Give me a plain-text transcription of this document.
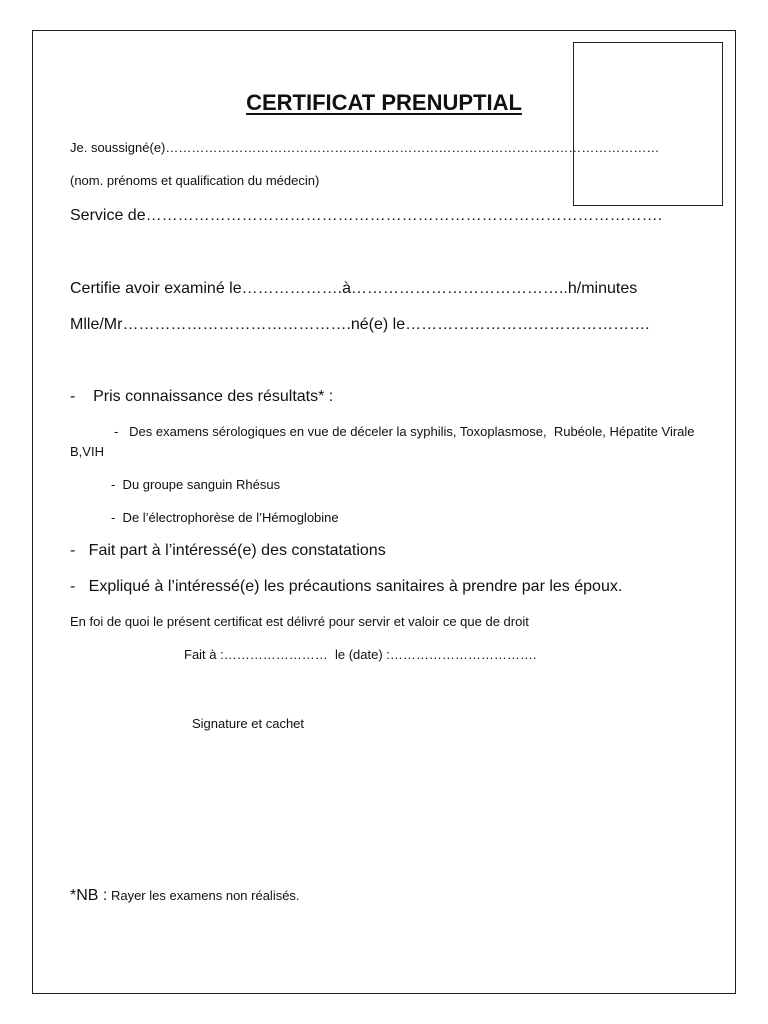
CERTIFICAT PRENUPTIAL
Je. soussigné(e)……………………………………………………………………………………………………
(nom. prénoms et qualification du médecin)
Service de…………………………………………………………………………………….
Certifie avoir examiné le……………….à…………………………………..h/minutes
Mlle/Mr…………………………………….né(e) le……………………………………….
-    Pris connaissance des résultats* :
-   Des examens sérologiques en vue de déceler la syphilis, Toxoplasmose,  Rubéole, Hépatite Virale B,VIH
-  Du groupe sanguin Rhésus
-  De l’électrophorèse de l’Hémoglobine
-   Fait part à l’intéressé(e) des constatations
-   Expliqué à l’intéressé(e) les précautions sanitaires à prendre par les époux.
En foi de quoi le présent certificat est délivré pour servir et valoir ce que de droit
Fait à :……………………  le (date) :…………………………….
Signature et cachet
*NB : Rayer les examens non réalisés.
